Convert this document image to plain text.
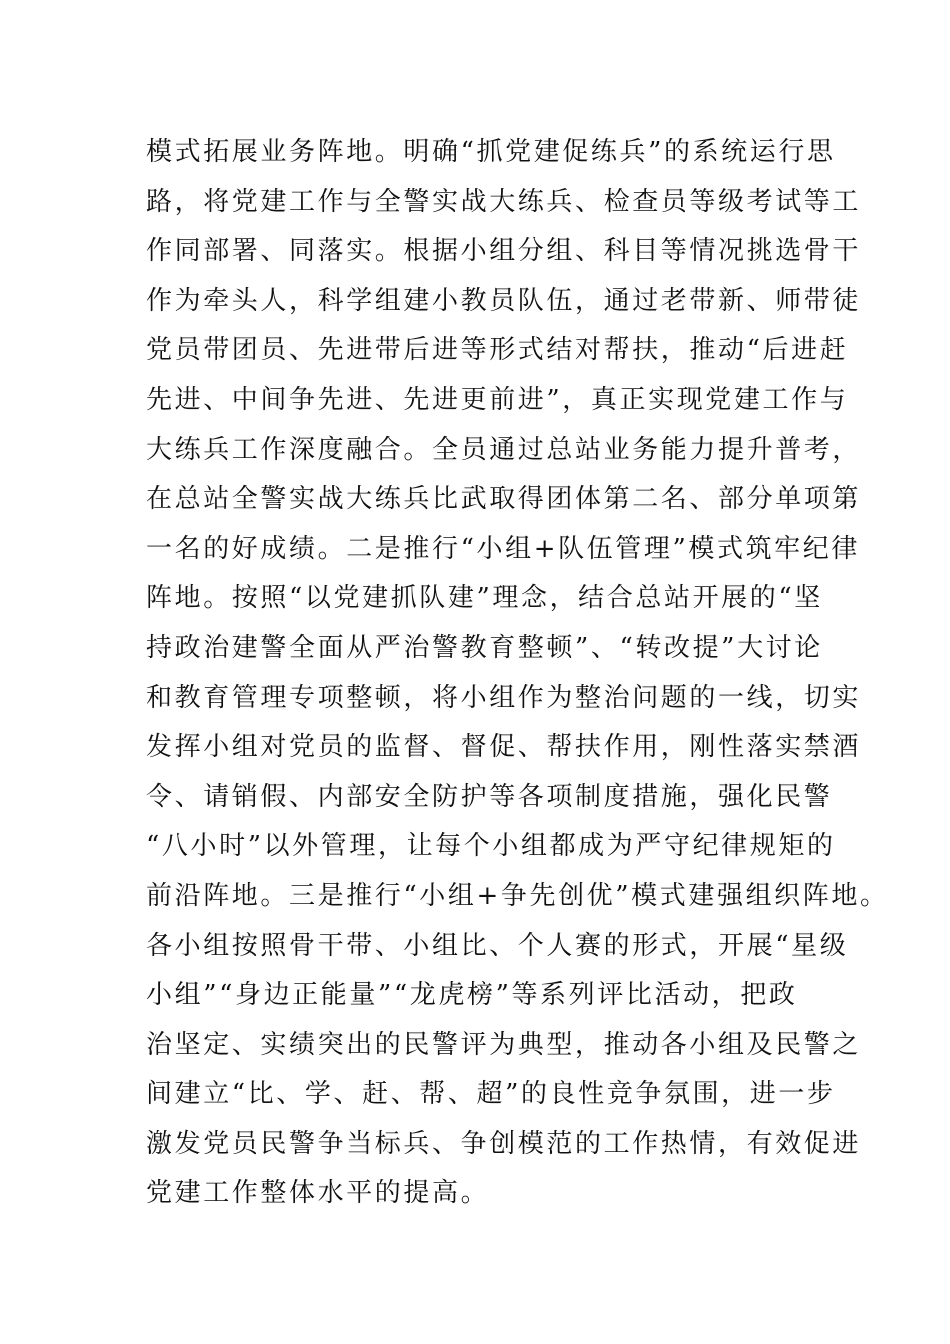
模式拓展业务阵地。明确“抓党建促练兵”的系统运行思
路，将党建工作与全警实战大练兵、检查员等级考试等工
作同部署、同落实。根据小组分组、科目等情况挑选骨干
作为牵头人，科学组建小教员队伍，通过老带新、师带徒
党员带团员、先进带后进等形式结对帮扶，推动“后进赶
先进、中间争先进、先进更前进”，真正实现党建工作与
大练兵工作深度融合。全员通过总站业务能力提升普考，
在总站全警实战大练兵比武取得团体第二名、部分单项第
一名的好成绩。二是推行“小组+队伍管理”模式筑牢纪律
阵地。按照“以党建抓队建”理念，结合总站开展的“坚
持政治建警全面从严治警教育整顿”、“转改提”大讨论
和教育管理专项整顿，将小组作为整治问题的一线，切实
发挥小组对党员的监督、督促、帮扶作用，刚性落实禁酒
令、请销假、内部安全防护等各项制度措施，强化民警
“八小时”以外管理，让每个小组都成为严守纪律规矩的
前沿阵地。三是推行“小组+争先创优”模式建强组织阵地。
各小组按照骨干带、小组比、个人赛的形式，开展“星级
小组”“身边正能量”“龙虎榜”等系列评比活动，把政
治坚定、实绩突出的民警评为典型，推动各小组及民警之
间建立“比、学、赶、帮、超”的良性竞争氛围，进一步
激发党员民警争当标兵、争创模范的工作热情，有效促进
党建工作整体水平的提高。
